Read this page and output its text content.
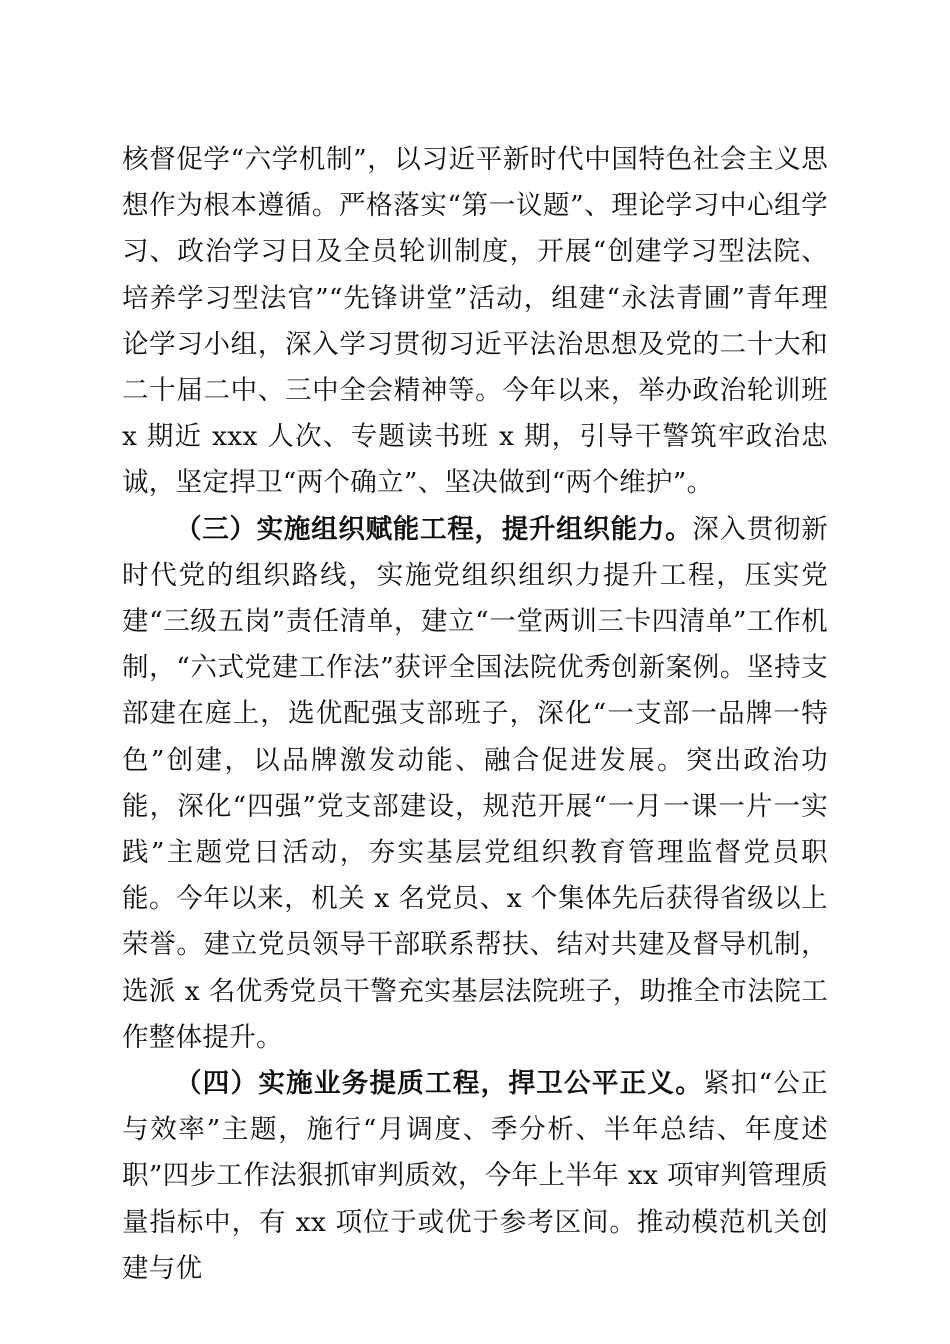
核督促学“六学机制”，以习近平新时代中国特色社会主义思想作为根本遵循。严格落实“第一议题”、理论学习中心组学习、政治学习日及全员轮训制度，开展“创建学习型法院、培养学习型法官”“先锋讲堂”活动，组建“永法青圃”青年理论学习小组，深入学习贯彻习近平法治思想及党的二十大和二十届二中、三中全会精神等。今年以来，举办政治轮训班 x 期近 xxx 人次、专题读书班 x 期，引导干警筑牢政治忠诚，坚定捍卫“两个确立”、坚决做到“两个维护”。

（三）实施组织赋能工程，提升组织能力。深入贯彻新时代党的组织路线，实施党组织组织力提升工程，压实党建“三级五岗”责任清单，建立“一堂两训三卡四清单”工作机制，“六式党建工作法”获评全国法院优秀创新案例。坚持支部建在庭上，选优配强支部班子，深化“一支部一品牌一特色”创建，以品牌激发动能、融合促进发展。突出政治功能，深化“四强”党支部建设，规范开展“一月一课一片一实践”主题党日活动，夯实基层党组织教育管理监督党员职能。今年以来，机关 x 名党员、x 个集体先后获得省级以上荣誉。建立党员领导干部联系帮扶、结对共建及督导机制，选派 x 名优秀党员干警充实基层法院班子，助推全市法院工作整体提升。

（四）实施业务提质工程，捍卫公平正义。紧扣“公正与效率”主题，施行“月调度、季分析、半年总结、年度述职”四步工作法狠抓审判质效，今年上半年 xx 项审判管理质量指标中，有 xx 项位于或优于参考区间。推动模范机关创建与优
